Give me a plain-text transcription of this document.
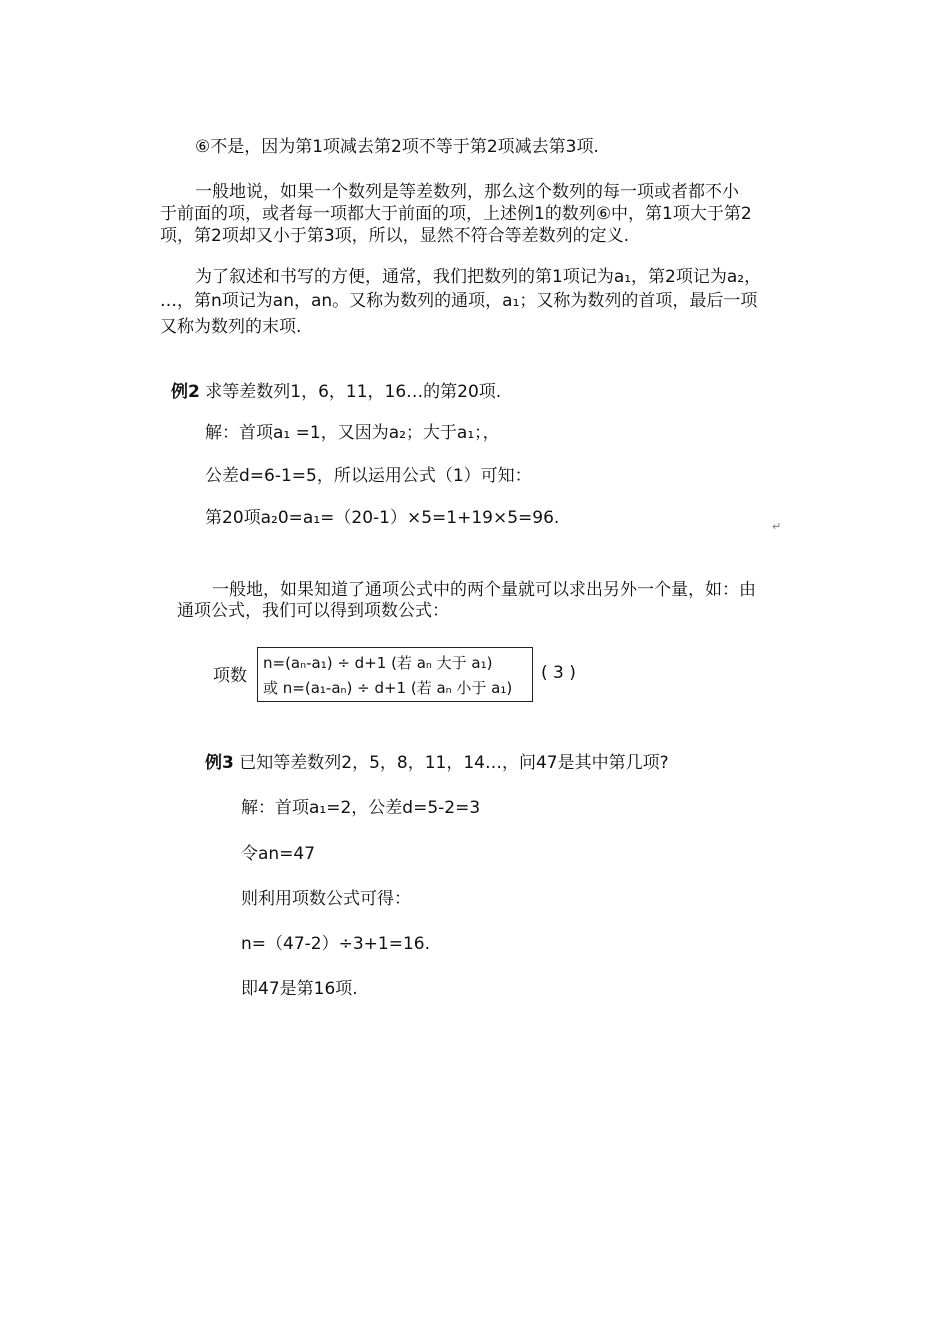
⑥不是，因为第1项减去第2项不等于第2项减去第3项.
一般地说，如果一个数列是等差数列，那么这个数列的每一项或者都不小
于前面的项，或者每一项都大于前面的项，上述例1的数列⑥中，第1项大于第2
项，第2项却又小于第3项，所以，显然不符合等差数列的定义.
为了叙述和书写的方便，通常，我们把数列的第1项记为a₁，第2项记为a₂，
…，第n项记为an，an。又称为数列的通项，a₁；又称为数列的首项，最后一项
又称为数列的末项.
例2 求等差数列1，6，11，16…的第20项.
解：首项a₁ =1，又因为a₂；大于a₁；，
公差d=6-1=5，所以运用公式（1）可知：
第20项a₂0=a₁=（20-1）×5=1+19×5=96.	↵
一般地，如果知道了通项公式中的两个量就可以求出另外一个量，如：由
通项公式，我们可以得到项数公式：
项数
n=(aₙ-a₁) ÷ d+1 (若 aₙ 大于 a₁)
或 n=(a₁-aₙ) ÷ d+1 (若 aₙ 小于 a₁)
( 3 )
例3 已知等差数列2，5，8，11，14…，问47是其中第几项?
解：首项a₁=2，公差d=5-2=3
令an=47
则利用项数公式可得：
n=（47-2）÷3+1=16.
即47是第16项.
